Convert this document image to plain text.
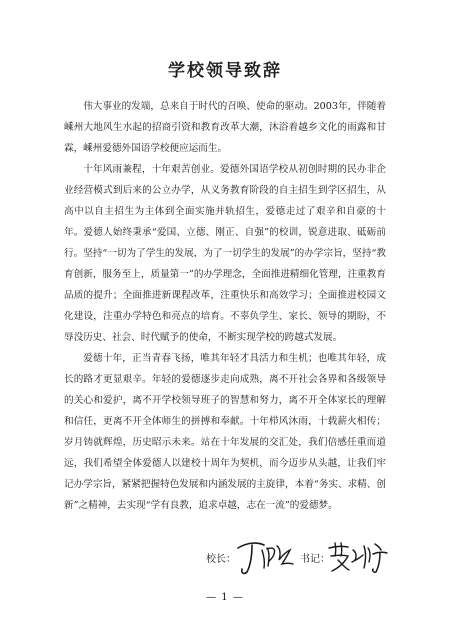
学校领导致辞

伟大事业的发端，总来自于时代的召唤、使命的驱动。2003年，伴随着嵊州大地风生水起的招商引资和教育改革大潮，沐浴着越乡文化的雨露和甘霖，嵊州爱德外国语学校便应运而生。

十年风雨兼程，十年艰苦创业。爱德外国语学校从初创时期的民办非企业经营模式到后来的公立办学，从义务教育阶段的自主招生到学区招生，从高中以自主招生为主体到全面实施并轨招生，爱德走过了艰辛和自豪的十年。爱德人始终秉承“爱国、立德、刚正、自强”的校训，锐意进取、砥砺前行。坚持“一切为了学生的发展，为了一切学生的发展”的办学宗旨，坚持“教育创新，服务至上，质量第一”的办学理念，全面推进精细化管理，注重教育品质的提升；全面推进新课程改革，注重快乐和高效学习；全面推进校园文化建设，注重办学特色和亮点的培育。不辜负学生、家长、领导的期盼，不辱没历史、社会、时代赋予的使命，不断实现学校的跨越式发展。

爱德十年，正当青春飞扬，唯其年轻才具活力和生机；也唯其年轻，成长的路才更显艰辛。年轻的爱德逐步走向成熟，离不开社会各界和各级领导的关心和爱护，离不开学校领导班子的智慧和努力，离不开全体家长的理解和信任，更离不开全体师生的拼搏和奉献。十年栉风沐雨，十载薪火相传；岁月铸就辉煌，历史昭示未来。站在十年发展的交汇处，我们倍感任重而道远，我们希望全体爱德人以建校十周年为契机，而今迈步从头越，让我们牢记办学宗旨，紧紧把握特色发展和内涵发展的主旋律，本着“务实、求精、创新”之精神，去实现“学有良教，追求卓越，志在一流”的爱德梦。

校长：	书记：
— 1 —
